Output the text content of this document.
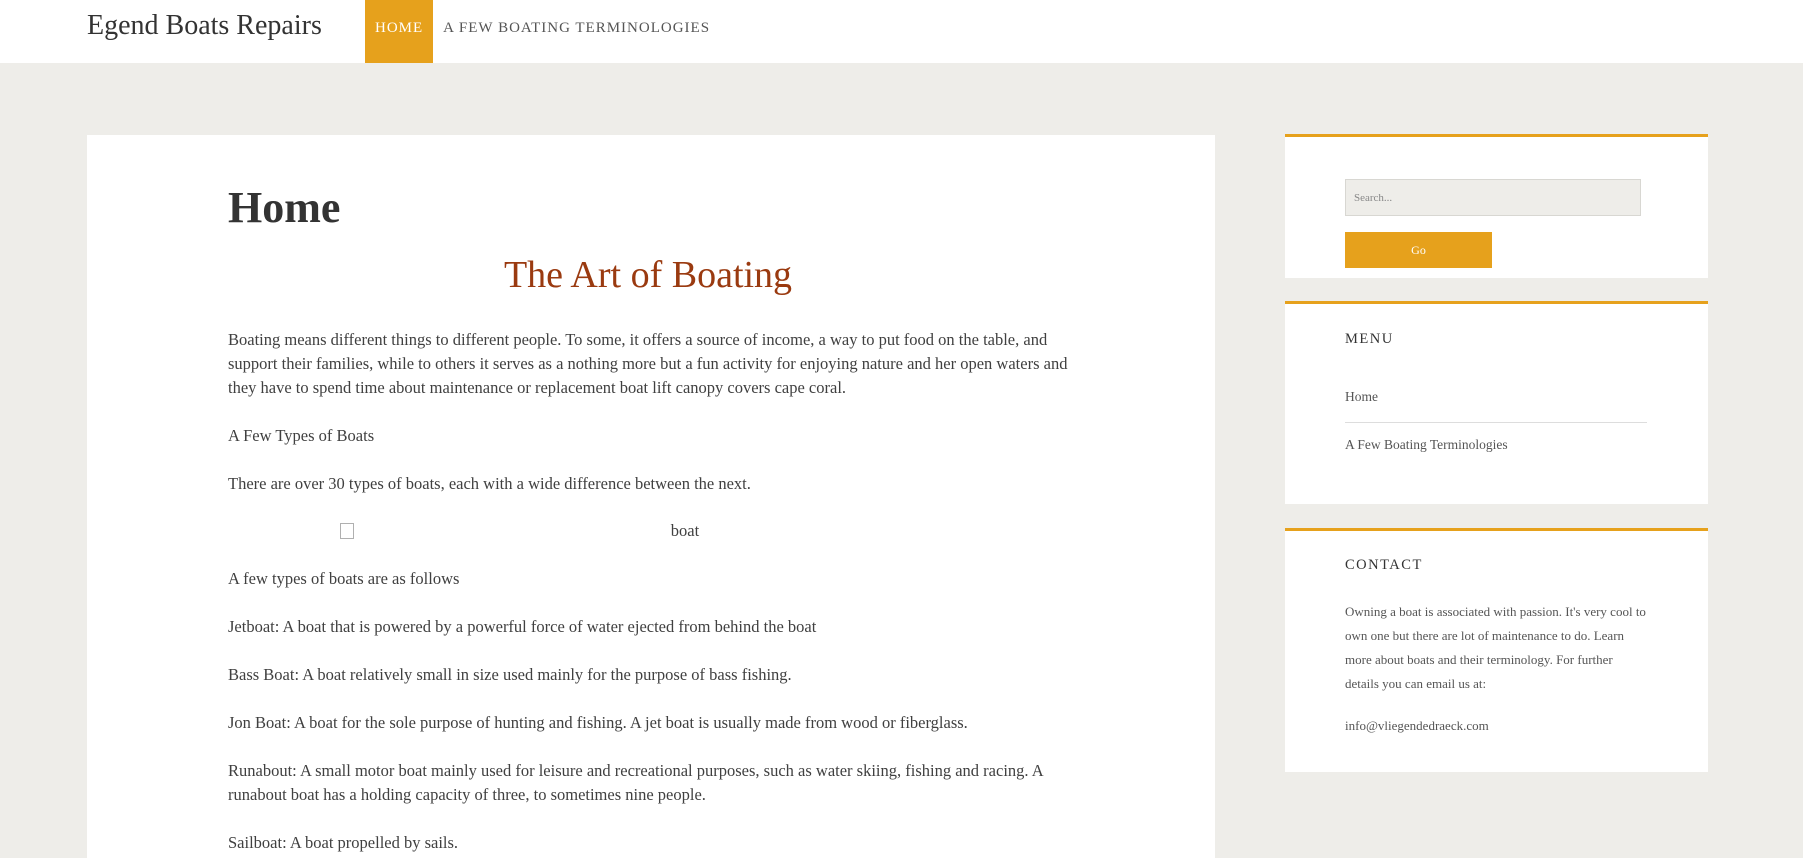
Egend Boats Repairs	HOME	A FEW BOATING TERMINOLOGIES
Home
The Art of Boating

Boating means different things to different people. To some, it offers a source of income, a way to put food on the table, and support their families, while to others it serves as a nothing more but a fun activity for enjoying nature and her open waters and they have to spend time about maintenance or replacement boat lift canopy covers cape coral.

A Few Types of Boats

There are over 30 types of boats, each with a wide difference between the next.

boat

A few types of boats are as follows

Jetboat: A boat that is powered by a powerful force of water ejected from behind the boat

Bass Boat: A boat relatively small in size used mainly for the purpose of bass fishing.

Jon Boat: A boat for the sole purpose of hunting and fishing. A jet boat is usually made from wood or fiberglass.

Runabout: A small motor boat mainly used for leisure and recreational purposes, such as water skiing, fishing and racing. A runabout boat has a holding capacity of three, to sometimes nine people.

Sailboat: A boat propelled by sails.

Search...
Go
MENU
Home
A Few Boating Terminologies
CONTACT

Owning a boat is associated with passion. It's very cool to own one but there are lot of maintenance to do. Learn more about boats and their terminology. For further details you can email us at:

info@vliegendedraeck.com
